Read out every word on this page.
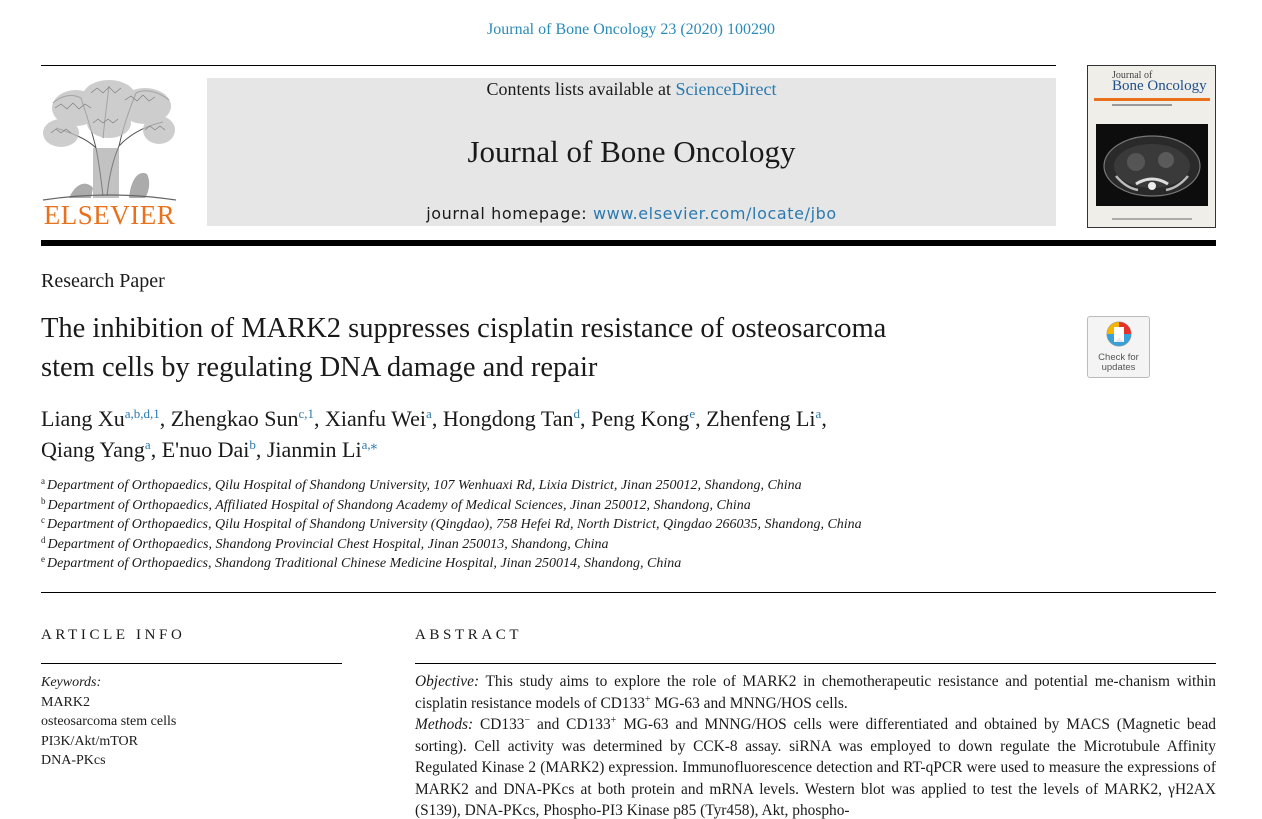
Journal of Bone Oncology 23 (2020) 100290
ELSEVIER
Contents lists available at ScienceDirect
Journal of Bone Oncology
journal homepage: www.elsevier.com/locate/jbo
Journal of
Bone Oncology
Research Paper
The inhibition of MARK2 suppresses cisplatin resistance of osteosarcoma
stem cells by regulating DNA damage and repair	Check for
updates
Liang Xu$^{a,b,d,1}$, Zhengkao Sun$^{c,1}$, Xianfu Wei$^a$, Hongdong Tan$^d$, Peng Kong$^e$, Zhenfeng Li$^a$,
Qiang Yang$^a$, E'nuo Dai$^b$, Jianmin $Li^{a,⁎}$
$^a$ Department of Orthopaedics, Qilu Hospital of Shandong University, 107 Wenhuaxi Rd, Lixia District, Jinan 250012, Shandong, China
$^b$ Department of Orthopaedics, Affiliated Hospital of Shandong Academy of Medical Sciences, Jinan 250012, Shandong, China
$^c$ Department of Orthopaedics, Qilu Hospital of Shandong University (Qingdao), 758 Hefei Rd, North District, Qingdao 266035, Shandong, China
$^d$ Department of Orthopaedics, Shandong Provincial Chest Hospital, Jinan 250013, Shandong, China
$^e$ Department of Orthopaedics, Shandong Traditional Chinese Medicine Hospital, Jinan 250014, Shandong, China
ARTICLE INFO
Keywords:
MARK2
osteosarcoma stem cells
PI3K/Akt/mTOR
DNA-PKcs
ABSTRACT
Objective: This study aims to explore the role of MARK2 in chemotherapeutic resistance and potential me-chanism within cisplatin resistance models of CD133+ MG-63 and MNNG/HOS cells.
Methods: CD133− and CD133+ MG-63 and MNNG/HOS cells were differentiated and obtained by MACS (Magnetic bead sorting). Cell activity was determined by CCK-8 assay. siRNA was employed to down regulate the Microtubule Affinity Regulated Kinase 2 (MARK2) expression. Immunofluorescence detection and RT-qPCR were used to measure the expressions of MARK2 and DNA-PKcs at both protein and mRNA levels. Western blot was applied to test the levels of MARK2, γH2AX (S139), DNA-PKcs, Phospho-PI3 Kinase p85 (Tyr458), Akt, phospho-
